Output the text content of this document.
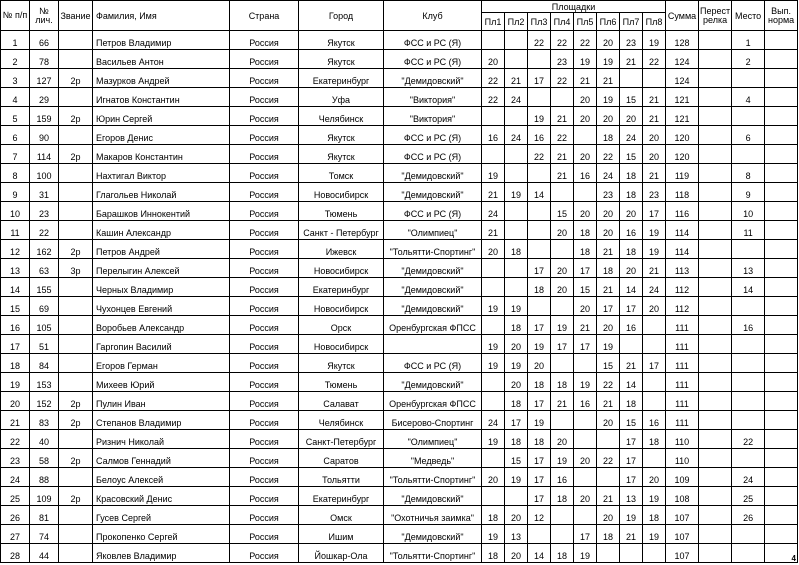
№ п/п	№ лич.	Звание	Фамилия, Имя	Страна	Город	Клуб	Площадки								Сумма	Перест релка	Место	Вып. норма
							Пл1	Пл2	Пл3	Пл4	Пл5	Пл6	Пл7	Пл8				
1	66		Петров Владимир	Россия	Якутск	ФСС и РС (Я)			22	22	22	20	23	19	128		1	
2	78		Васильев Антон	Россия	Якутск	ФСС и РС (Я)	20			23	19	19	21	22	124		2	
3	127	2р	Мазурков Андрей	Россия	Екатеринбург	"Демидовский"	22	21	17	22	21	21			124			
4	29		Игнатов Константин	Россия	Уфа	"Виктория"	22	24			20	19	15	21	121		4	
5	159	2р	Юрин Сергей	Россия	Челябинск	"Виктория"			19	21	20	20	20	21	121			
6	90		Егоров Денис	Россия	Якутск	ФСС и РС (Я)	16	24	16	22		18	24	20	120		6	
7	114	2р	Макаров Константин	Россия	Якутск	ФСС и РС (Я)			22	21	20	22	15	20	120			
8	100		Нахтигал Виктор	Россия	Томск	"Демидовский"	19			21	16	24	18	21	119		8	
9	31		Глагольев Николай	Россия	Новосибирск	"Демидовский"	21	19	14			23	18	23	118		9	
10	23		Барашков Иннокентий	Россия	Тюмень	ФСС и РС (Я)	24			15	20	20	20	17	116		10	
11	22		Кашин Александр	Россия	Санкт - Петербург	"Олимпиец"	21			20	18	20	16	19	114		11	
12	162	2р	Петров Андрей	Россия	Ижевск	"Тольятти-Спортинг"	20	18			18	21	18	19	114			
13	63	3р	Перелыгин Алексей	Россия	Новосибирск	"Демидовский"			17	20	17	18	20	21	113		13	
14	155		Черных Владимир	Россия	Екатеринбург	"Демидовский"			18	20	15	21	14	24	112		14	
15	69		Чухонцев Евгений	Россия	Новосибирск	"Демидовский"	19	19			20	17	17	20	112			
16	105		Воробьев Александр	Россия	Орск	Оренбургская ФПСС		18	17	19	21	20	16		111		16	
17	51		Гаргопин Василий	Россия	Новосибирск		19	20	19	17	17	19			111			
18	84		Егоров Герман	Россия	Якутск	ФСС и РС (Я)	19	19	20			15	21	17	111			
19	153		Михеев Юрий	Россия	Тюмень	"Демидовский"		20	18	18	19	22	14		111			
20	152	2р	Пулин Иван	Россия	Салават	Оренбургская ФПСС		18	17	21	16	21	18		111			
21	83	2р	Степанов Владимир	Россия	Челябинск	Бисерово-Спортинг	24	17	19			20	15	16	111			
22	40		Ризнич Николай	Россия	Санкт-Петербург	"Олимпиец"	19	18	18	20			17	18	110		22	
23	58	2р	Салмов Геннадий	Россия	Саратов	"Медведь"		15	17	19	20	22	17		110			
24	88		Белоус Алексей	Россия	Тольятти	"Тольятти-Спортинг"	20	19	17	16			17	20	109		24	
25	109	2р	Красовский Денис	Россия	Екатеринбург	"Демидовский"			17	18	20	21	13	19	108		25	
26	81		Гусев Сергей	Россия	Омск	"Охотничья заимка"	18	20	12			20	19	18	107		26	
27	74		Прокопенко Сергей	Россия	Ишим	"Демидовский"	19	13			17	18	21	19	107			
28	44		Яковлев Владимир	Россия	Йошкар-Ола	"Тольятти-Спортинг"	18	20	14	18	19				107				4
